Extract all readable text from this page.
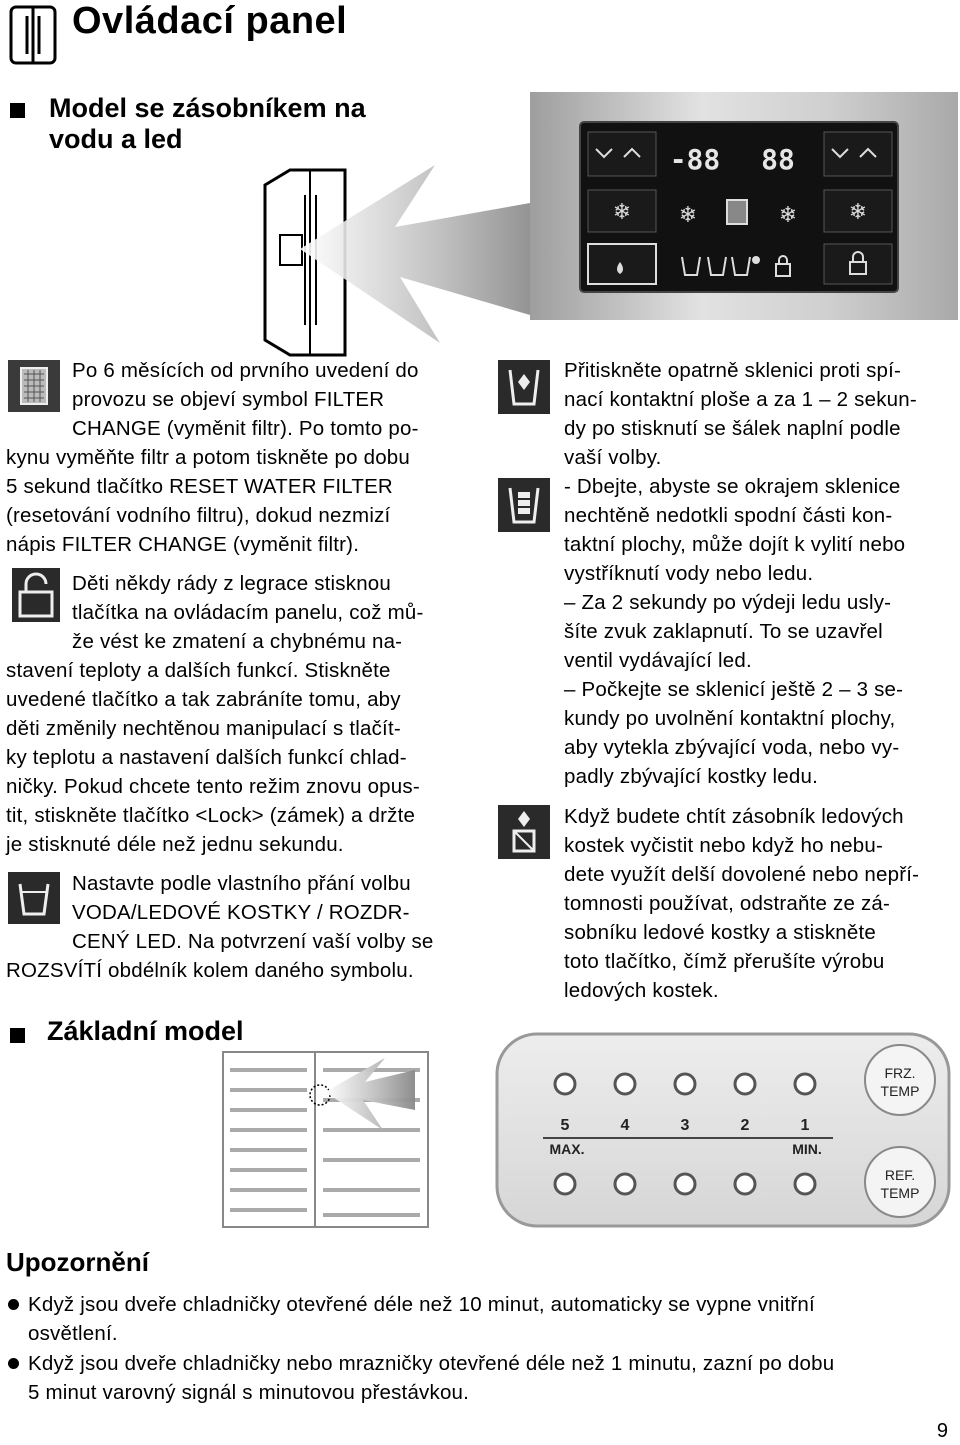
Ovládací panel
Model se zásobníkem na
vodu a led
❄	❄
-88 88
❄	❄

Po 6 měsících od prvního uvedení do

provozu se objeví symbol FILTER

CHANGE (vyměnit filtr). Po tomto po-

kynu vyměňte filtr a potom tiskněte po dobu

5 sekund tlačítko RESET WATER FILTER

(resetování vodního filtru), dokud nezmizí

nápis FILTER CHANGE (vyměnit filtr).

Děti někdy rády z legrace stisknou

tlačítka na ovládacím panelu, což mů-

že vést ke zmatení a chybnému na-

stavení teploty a dalších funkcí. Stiskněte

uvedené tlačítko a tak zabráníte tomu, aby

děti změnily nechtěnou manipulací s tlačít-

ky teplotu a nastavení dalších funkcí chlad-

ničky. Pokud chcete tento režim znovu opus-

tit, stiskněte tlačítko <Lock> (zámek) a držte

je stisknuté déle než jednu sekundu.

Nastavte podle vlastního přání volbu

VODA/LEDOVÉ KOSTKY / ROZDR-

CENÝ LED. Na potvrzení vaší volby se

ROZSVÍTÍ obdélník kolem daného symbolu.

Přitiskněte opatrně sklenici proti spí-

nací kontaktní ploše a za 1 – 2 sekun-

dy po stisknutí se šálek naplní podle

vaší volby.

- Dbejte, abyste se okrajem sklenice

nechtěně nedotkli spodní části kon-

taktní plochy, může dojít k vylití nebo

vystříknutí vody nebo ledu.

– Za 2 sekundy po výdeji ledu usly-

šíte zvuk zaklapnutí. To se uzavřel

ventil vydávající led.

– Počkejte se sklenicí ještě 2 – 3 se-

kundy po uvolnění kontaktní plochy,

aby vytekla zbývající voda, nebo vy-

padly zbývající kostky ledu.

Když budete chtít zásobník ledových

kostek vyčistit nebo když ho nebu-

dete využít delší dovolené nebo nepří-

tomnosti používat, odstraňte ze zá-

sobníku ledové kostky a stiskněte

toto tlačítko, čímž přerušíte výrobu

ledových kostek.

Základní model
5	4	3	2	1
MAX.	MIN.
FRZ.
TEMP
REF.
TEMP
Upozornění
Když jsou dveře chladničky otevřené déle než 10 minut, automaticky se vypne vnitřní
osvětlení.
Když jsou dveře chladničky nebo mrazničky otevřené déle než 1 minutu, zazní po dobu
5 minut varovný signál s minutovou přestávkou.
9
